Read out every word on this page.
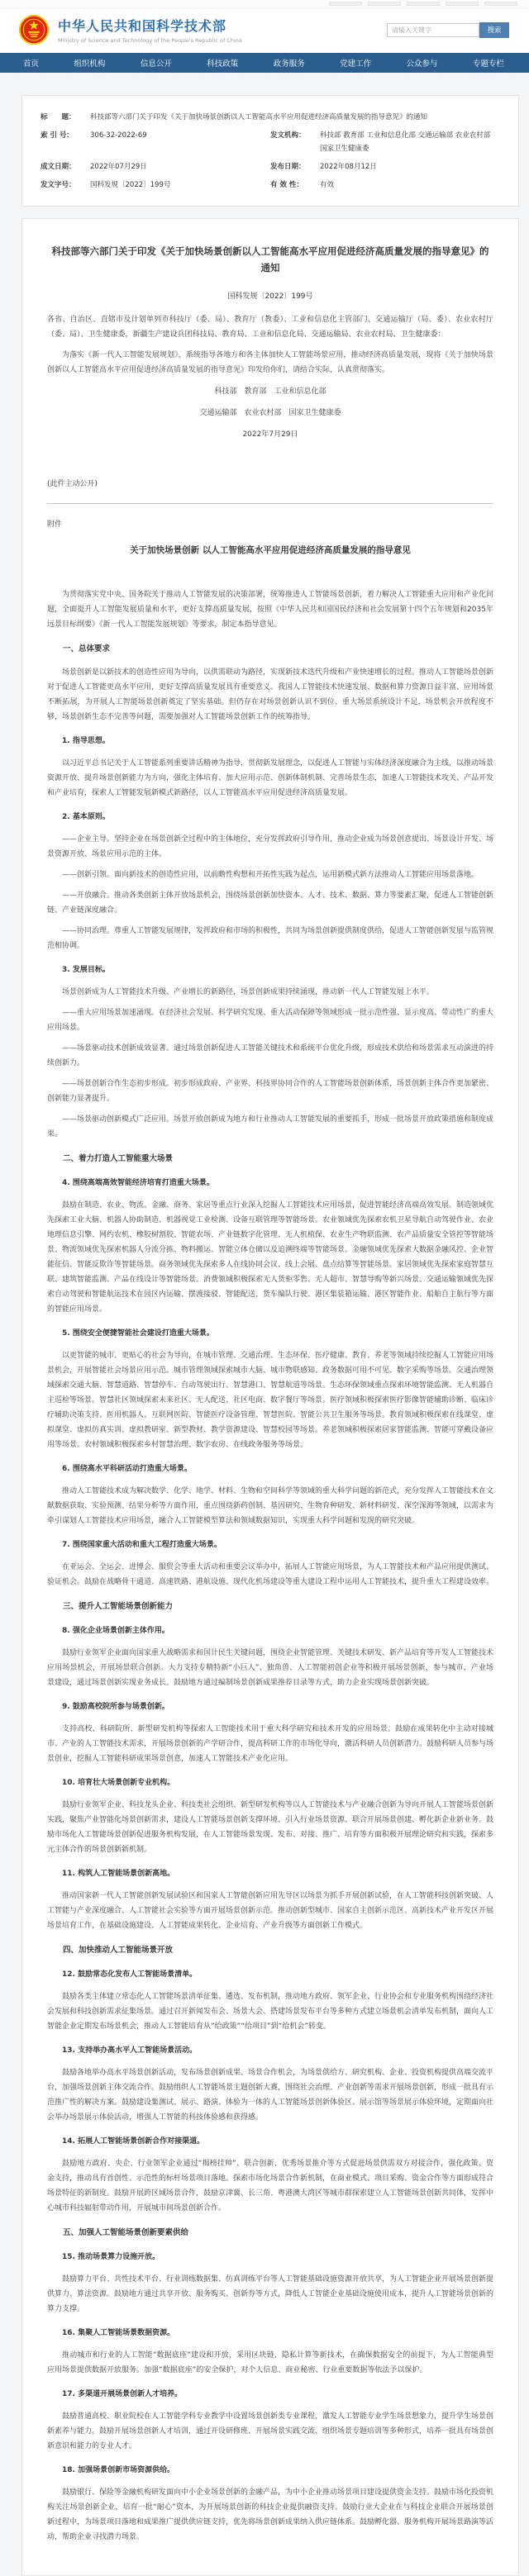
中华人民共和国科学技术部
Ministry of Science and Technology of the People's Republic of China
请输入关键字
搜索
首页	组织机构	信息公开	科技政策	政务服务	党建工作	公众参与	专题专栏
标　　题：	科技部等六部门关于印发《关于加快场景创新以人工智能高水平应用促进经济高质量发展的指导意见》的通知
索 引 号：	306-32-2022-69	发文机构：	科技部 教育部 工业和信息化部 交通运输部 农业农村部 国家卫生健康委
成文日期：	2022年07月29日	发布日期：	2022年08月12日
发文字号：	国科发规〔2022〕199号	有 效 性：	有效
科技部等六部门关于印发《关于加快场景创新以人工智能高水平应用促进经济高质量发展的指导意见》的通知
国科发规〔2022〕199号
各省、自治区、直辖市及计划单列市科技厅（委、局）、教育厅（教委）、工业和信息化主管部门、交通运输厅（局、委）、农业农村厅（委、局）、卫生健康委，新疆生产建设兵团科技局、教育局、工业和信息化局、交通运输局、农业农村局、卫生健康委：
为落实《新一代人工智能发展规划》，系统指导各地方和各主体加快人工智能场景应用，推动经济高质量发展，现将《关于加快场景创新以人工智能高水平应用促进经济高质量发展的指导意见》印发给你们，请结合实际，认真贯彻落实。
科技部　教育部　工业和信息化部
交通运输部　农业农村部　国家卫生健康委
2022年7月29日
(此件主动公开)
附件
关于加快场景创新 以人工智能高水平应用促进经济高质量发展的指导意见
为贯彻落实党中央、国务院关于推动人工智能发展的决策部署，统筹推进人工智能场景创新，着力解决人工智能重大应用和产业化问题，全面提升人工智能发展质量和水平，更好支撑高质量发展，按照《中华人民共和国国民经济和社会发展第十四个五年规划和2035年远景目标纲要》《新一代人工智能发展规划》等要求，制定本指导意见。
一、总体要求
场景创新是以新技术的创造性应用为导向，以供需联动为路径，实现新技术迭代升级和产业快速增长的过程。推动人工智能场景创新对于促进人工智能更高水平应用，更好支撑高质量发展具有重要意义。我国人工智能技术快速发展、数据和算力资源日益丰富、应用场景不断拓展，为开展人工智能场景创新奠定了坚实基础。但仍存在对场景创新认识不到位、重大场景系统设计不足，场景机会开放程度不够，场景创新生态不完善等问题，需要加强对人工智能场景创新工作的统筹指导。
1. 指导思想。
以习近平总书记关于人工智能系列重要讲话精神为指导，贯彻新发展理念，以促进人工智能与实体经济深度融合为主线，以推动场景资源开放、提升场景创新能力为方向，强化主体培育、加大应用示范、创新体制机制、完善场景生态，加速人工智能技术攻关、产品开发和产业培育，探索人工智能发展新模式新路径，以人工智能高水平应用促进经济高质量发展。
2. 基本原则。
——企业主导。坚持企业在场景创新全过程中的主体地位，充分发挥政府引导作用，推动企业成为场景创意提出、场景设计开发、场景资源开放、场景应用示范的主体。
——创新引领。面向新技术的创造性应用，以前瞻性构想和开拓性实践为起点，运用新模式新方法推动人工智能应用场景落地。
——开放融合。推动各类创新主体开放场景机会，围绕场景创新加快资本、人才、技术、数据、算力等要素汇聚，促进人工智能创新链、产业链深度融合。
——协同治理。尊重人工智能发展规律，发挥政府和市场的积极性，共同为场景创新提供制度供给，促进人工智能创新发展与监管规范相协调。
3. 发展目标。
场景创新成为人工智能技术升级、产业增长的新路径，场景创新成果持续涌现，推动新一代人工智能发展上水平。
——重大应用场景加速涌现。在经济社会发展、科学研究发现、重大活动保障等领域形成一批示范性强、显示度高、带动性广的重大应用场景。
——场景驱动技术创新成效显著。通过场景创新促进人工智能关键技术和系统平台优化升级，形成技术供给和场景需求互动演进的持续创新力。
——场景创新合作生态初步形成。初步形成政府、产业界、科技界协同合作的人工智能场景创新体系，场景创新主体合作更加紧密、创新能力显著提升。
——场景驱动创新模式广泛应用。场景开放创新成为地方和行业推动人工智能发展的重要抓手，形成一批场景开放政策措施和制度成果。
二、着力打造人工智能重大场景
4. 围绕高端高效智能经济培育打造重大场景。
鼓励在制造、农业、物流、金融、商务、家居等重点行业深入挖掘人工智能技术应用场景，促进智能经济高端高效发展。制造领域优先探索工业大脑、机器人协助制造、机器视觉工业检测、设备互联管理等智能场景。农业领域优先探索农机卫星导航自动驾驶作业、农业地理信息引擎、网约农机、橡胶树割胶、智能农场、产业链数字化管理、无人机植保、农业生产物联监测、农产品质量安全管控等智能场景。物流领域优先探索机器人分流分拣、物料搬运、智能立体仓储以及追溯终端等智能场景。金融领域优先探索大数据金融风控、企业智能征信、智能反欺诈等智能场景。商务领域优先探索多人在线协同会议、线上会展、盘点结算等智能场景。家居领域优先探索家庭智慧互联、建筑智能监测、产品在线设计等智能场景。消费领域积极探索无人货柜零售、无人超市、智慧导购等新兴场景。交通运输领域优先探索自动驾驶和智能航运技术在园区内运输、摆渡接驳、智能配送、货车编队行驶、港区集装箱运输、港区智能作业、船舶自主航行等方面的智能应用场景。
5. 围绕安全便捷智能社会建设打造重大场景。
以更智能的城市、更贴心的社会为导向，在城市管理、交通治理、生态环保、医疗健康、教育、养老等领域持续挖掘人工智能应用场景机会，开展智能社会场景应用示范。城市管理领域探索城市大脑、城市物联感知、政务数据可用不可见、数字采购等场景。交通治理领域探索交通大脑、智慧道路、智慧停车、自动驾驶出行、智慧港口、智慧航道等场景。生态环保领域重点探索环境智能监测、无人机器自主巡检等场景。智慧社区领域探索未来社区、无人配送、社区电商、数字餐厅等场景。医疗领域积极探索医疗影像智能辅助诊断、临床诊疗辅助决策支持、医用机器人、互联网医院、智能医疗设备管理、智慧医院、智能公共卫生服务等场景。教育领域积极探索在线课堂、虚拟课堂、虚拟仿真实训、虚拟教研室、新型教材、教学资源建设、智慧校园等场景。养老领域积极探索居家智能监测、智能可穿戴设备应用等场景。农村领域积极探索乡村智慧治理、数字农房、在线政务服务等场景。
6. 围绕高水平科研活动打造重大场景。
推动人工智能技术成为解决数学、化学、地学、材料、生物和空间科学等领域的重大科学问题的新范式，充分发挥人工智能技术在文献数据获取、实验预测、结果分析等方面作用，重点围绕新药创制、基因研究、生物育种研发、新材料研发、深空深海等领域，以需求为牵引谋划人工智能技术应用场景，融合人工智能模型算法和领域数据知识，实现重大科学问题和发现的研究突破。
7. 围绕国家重大活动和重大工程打造重大场景。
在亚运会、全运会、进博会、服贸会等重大活动和重要会议举办中，拓展人工智能应用场景，为人工智能技术和产品应用提供测试、验证机会。鼓励在战略骨干通道、高速铁路、港航设施、现代化机场建设等重大建设工程中运用人工智能技术，提升重大工程建设效率。
三、提升人工智能场景创新能力
8. 强化企业场景创新主体作用。
鼓励行业领军企业面向国家重大战略需求和国计民生关键问题，围绕企业智能管理、关键技术研发、新产品培育等开发人工智能技术应用场景机会，开展场景联合创新。大力支持专精特新“小巨人”、独角兽、人工智能初创企业等积极开展场景创新，参与城市、产业场景建设，通过场景创新实现业务成长。鼓励地方通过编制场景创新成果推荐目录等方式，助力企业实现场景创新突破。
9. 鼓励高校院所参与场景创新。
支持高校、科研院所、新型研发机构等探索人工智能技术用于重大科学研究和技术开发的应用场景。鼓励在成果转化中主动对接城市、产业的人工智能技术需求，开展场景创新的产学研合作，提高科研工作的市场化导向，激活科研人员创新潜力。鼓励科研人员参与场景创业，挖掘人工智能科研成果场景创意，加速人工智能技术产业化应用。
10. 培育壮大场景创新专业机构。
鼓励行业领军企业、科技龙头企业、科技类社会组织、新型研发机构等以人工智能技术与产业融合创新为导向开展人工智能场景创新实践，聚焦产业智能化场景创新需求，建设人工智能场景创新支撑环境、引入行业场景资源、联合开展场景创建、孵化新企业新业务。鼓励市场化人工智能场景创新促进服务机构发展，在人工智能场景发现、发布、对接、推广、培育等方面积极开展理论研究和实践，探索多元主体合作的场景创新新机制。
11. 构筑人工智能场景创新高地。
推动国家新一代人工智能创新发展试验区和国家人工智能创新应用先导区以场景为抓手开展创新试验，在人工智能科技创新突破、人工智能与产业深度融合、人工智能社会实验等方面开展场景创新示范。推动创新型城市、国家自主创新示范区、高新技术产业开发区开展场景培育工作，在基础设施建设、人工智能成果转化、企业培育、产业升级等方面创新工作模式。
四、加快推动人工智能场景开放
12. 鼓励常态化发布人工智能场景清单。
鼓励各类主体建立常态化人工智能场景清单征集、遴选、发布机制，推动地方政府、领军企业、行业协会和专业服务机构围绕经济社会发展和科技创新需求征集场景。通过召开新闻发布会、场景大会、搭建场景发布平台等多种方式建立场景机会清单发布机制，面向人工智能企业定期发布场景机会，推动人工智能培育从“给政策”“给项目”到“给机会”转变。
13. 支持举办高水平人工智能场景活动。
鼓励各地举办高水平场景创新活动，发布场景创新成果、场景合作机会，为场景供给方、研究机构、企业、投资机构提供高端交流平台，加强场景创新主体交流合作。鼓励组织人工智能场景主题创新大赛，围绕社会治理、产业创新等需求开展场景创新，形成一批具有示范推广性的解决方案。鼓励建设集测试、展示、路演、体验为一体的人工智能场景创新体验区、展示馆等场景展示体验环境，定期面向社会举办场景展示体验活动，增强人工智能的科技体验感和获得感。
14. 拓展人工智能场景创新合作对接渠道。
鼓励地方政府、央企、行业领军企业通过“揭榜挂帅”、联合创新、优秀场景推介等方式促进场景供需双方对接合作，强化政策、资金支持，推动具有首创性、示范性的标杆场景项目落地。探索市场化场景合作新机制，在商业模式、项目采购、资金合作等方面形成符合场景特征的新制度。鼓励开展跨区域场景合作，鼓励京津冀、长三角、粤港澳大湾区等城市群探索建立人工智能场景创新共同体，发挥中心城市科技辐射带动作用，开展城市间场景创新合作。
五、加强人工智能场景创新要素供给
15. 推动场景算力设施开放。
鼓励算力平台、共性技术平台、行业训练数据集、仿真训练平台等人工智能基础设施资源开放共享，为人工智能企业开展场景创新提供算力、算法资源。鼓励地方通过共享开放、服务购买、创新券等方式，降低人工智能企业基础设施使用成本，提升人工智能场景创新的算力支撑。
16. 集聚人工智能场景数据资源。
推动城市和行业的人工智能“数据底座”建设和开放，采用区块链、隐私计算等新技术，在确保数据安全的前提下，为人工智能典型应用场景提供数据开放服务。加强“数据底座”的安全保护，对个人信息、商业秘密、行业重要数据等依法予以保护。
17. 多渠道开展场景创新人才培养。
鼓励普通高校、职业院校在人工智能学科专业教学中设置场景创新类专业课程，激发人工智能专业学生场景想象力，提升学生场景创新素养与能力。鼓励开展场景创新人才培训，通过开设研修班、开展场景实践交流、组织场景专题培训等多种形式，培养一批具有场景创新意识和能力的专业人才。
18. 加强场景创新市场资源供给。
鼓励银行、保险等金融机构研发面向中小企业场景创新的金融产品，为中小企业推动场景项目建设提供资金支持。鼓励市场化投资机构关注场景创新企业，培育一批“耐心”资本，为开展场景创新的科技企业提供融资支持。鼓励行业大企业在与科技企业联合开展场景创新过程中，为场景项目落地和成果推广提供供应链支持，优先将场景创新成果纳入供应链体系。鼓励孵化器、服务机构开展场景路演等活动，帮助企业寻找潜力场景。
